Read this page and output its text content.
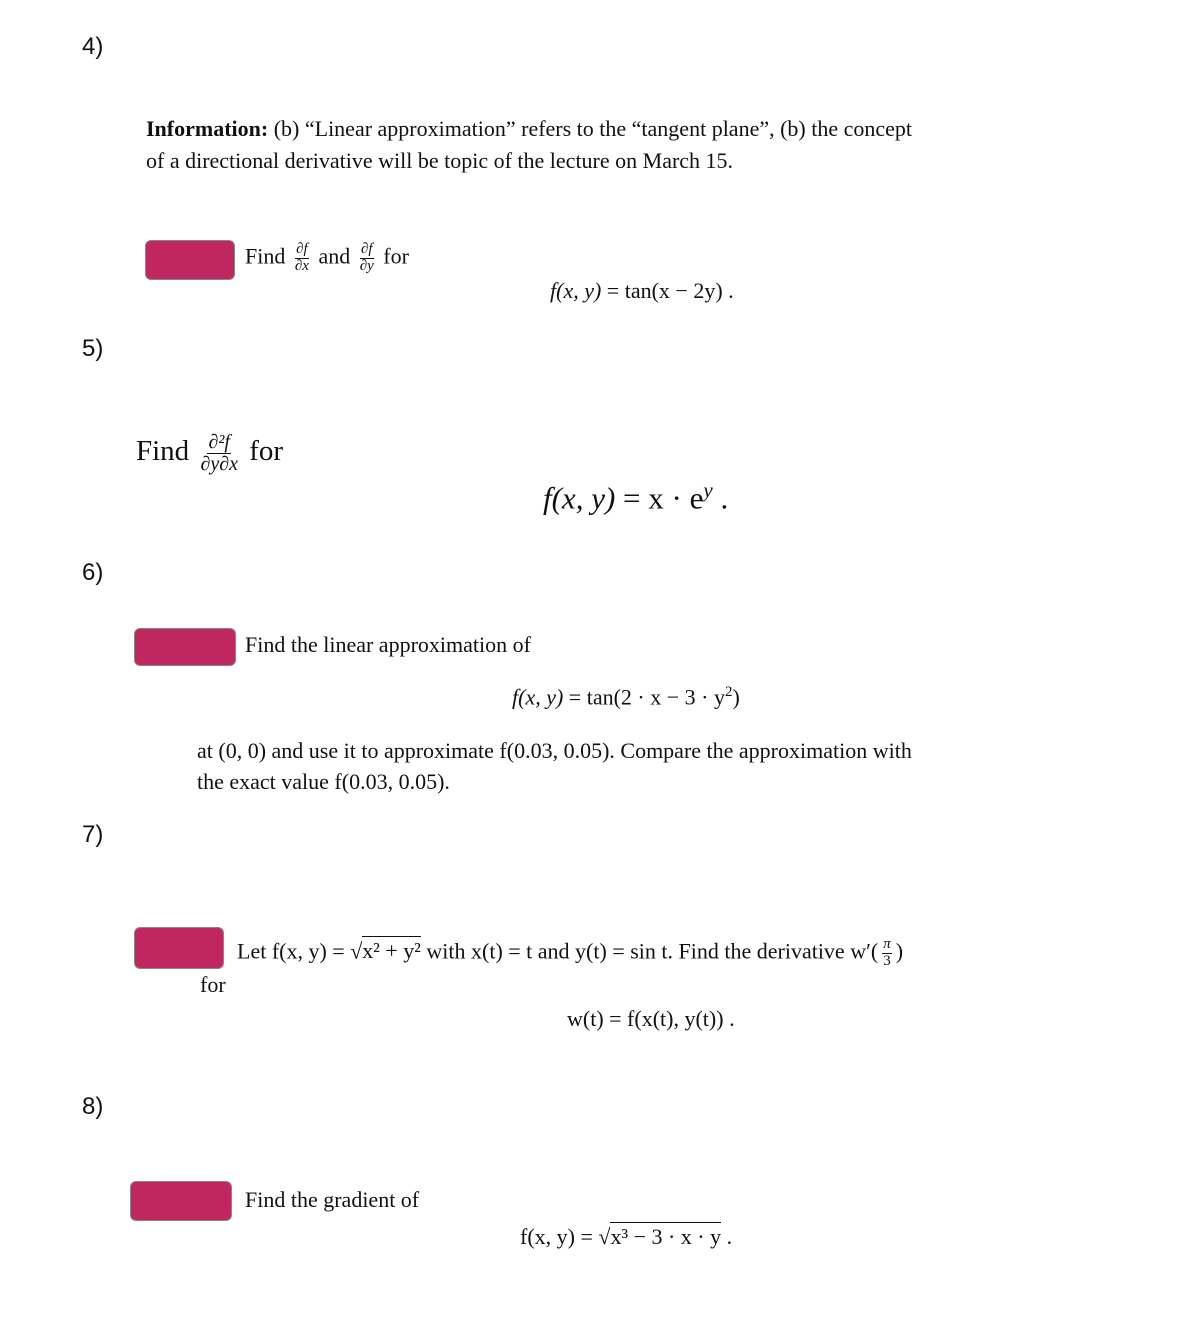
4)
5)
6)
7)
8)
Information: (b) “Linear approximation” refers to the “tangent plane”, (b) the concept
of a directional derivative will be topic of the lecture on March 15.
Find $\frac{\partial f}{\partial x}$ and $\frac{\partial f}{\partial y}$ for
f(x, y) = tan(x − 2y) .
Find $\frac{\text{∂²f}}{\partial y\partial x}$ for
f(x, $y) = x \cdot e^y$ .
Find the linear approximation of
f(x, $y) = \tan(2 \cdot x - 3 \cdot y^2)$
at (0, 0) and use it to approximate f(0.03, 0.05). Compare the approximation with
the exact value f(0.03, 0.05).
Let f(x, y) = √x² + y² with x(t) = t and y(t) = sin t. Find the derivative $w'( \frac{\pi}{3}$ )
for
w(t) = f(x(t), y(t)) .
Find the gradient of
f(x, y) = √x³ − 3 · x · y .
